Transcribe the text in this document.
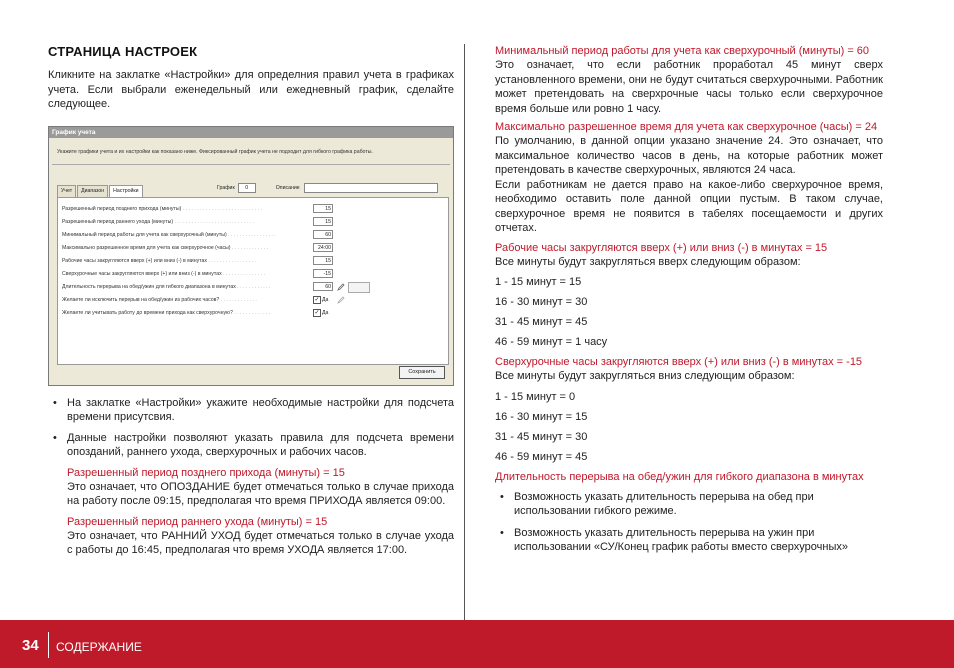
СТРАНИЦА НАСТРОЕК

Кликните на заклатке «Настройки» для определния правил учета в графиках учета. Если выбрали еженедельный или ежедневный график, сделайте следующее.

График учета
Укажите графики учета и их настройки как показано ниже. Фиксированный график учета не подходит для гибкого графика работы.
Учет	Диапазон	Настройки	График	0	Описание
Разрешенный период позднего прихода (минуты) . . . . . . . . . . . . . . . . . . . . . . . . . . . .	15
Разрешенный период раннего ухода (минуты) . . . . . . . . . . . . . . . . . . . . . . . . . . . .	15
Минимальный период работы для учета как сверхурочный (минуты) . . . . . . . . . . . . . . . . .	60
Максимально разрешенное время для учета как сверхурочное (часы) . . . . . . . . . . . . .	24:00
Рабочие часы закругляются вверх (+) или вниз (-) в минутах . . . . . . . . . . . . . . . . .	15
Сверхурочные часы закругляются вверх (+) или вниз (-) в минутах . . . . . . . . . . . . . . .	-15
Длительность перерыва на обед/ужин для гибкого диапазона в минутах . . . . . . . . . . . .	60
Желаете ли исключить перерыв на обед/ужин из рабочих часов? . . . . . . . . . . . . .	✓ Да
Желаете ли учитывать работу до времени прихода как сверхурочную? . . . . . . . . . . . . .	✓ Да
Сохранить
• На заклатке «Настройки» укажите необходимые настройки для подсчета времени присутсвия.
• Данные настройки позволяют указать правила для подсчета времени опозданий, раннего ухода, сверхурочных и рабочих часов.
Разрешенный период позднего прихода (минуты) = 15

Это означает, что ОПОЗДАНИЕ будет отмечаться только в случае прихода на работу после 09:15, предполагая что время ПРИХОДА является 09:00.

Разрешенный период раннего ухода (минуты) = 15

Это означает, что РАННИЙ УХОД будет отмечаться только в случае ухода с работы до 16:45, предполагая что время УХОДА является 17:00.

Минимальный период работы для учета как сверхурочный (минуты) = 60

Это означает, что если работник проработал 45 минут сверх установленного времени, они не будут считаться сверхурочными. Работник может претендовать на сверхрочные часы только если сверхурочное время больше или ровно 1 часу.

Максимально разрешенное время для учета как сверхурочное (часы) = 24

По умолчанию, в данной опции указано значение 24. Это означает, что максимальное количество часов в день, на которые работник может претендовать в качестве сверхурочных, являются 24 часа.

Если работникам не дается право на какое-либо сверхурочное время, необходимо оставить поле данной опции пустым. В таком случае, сверхурочное время не появится в табелях посещаемости и других отчетах.

Рабочие часы закругляются вверх (+) или вниз (-) в минутах = 15

Все минуты будут закругляться вверх следующим образом:

1 - 15 минут = 15
16 - 30 минут = 30
31 - 45 минут = 45
46 - 59 минут = 1 часу
Сверхурочные часы закругляются вверх (+) или вниз (-) в минутах = -15

Все минуты будут закругляться вниз следующим образом:

1 - 15 минут = 0
16 - 30 минут = 15
31 - 45 минут = 30
46 - 59 минут = 45
Длительность перерыва на обед/ужин для гибкого диапазона в минутах
• Возможность указать длительность перерыва на обед при использовании гибкого режиме.
• Возможность указать длительность перерыва на ужин при использовании «СУ/Конец график работы вместо сверхурочных»
34 СОДЕРЖАНИЕ
